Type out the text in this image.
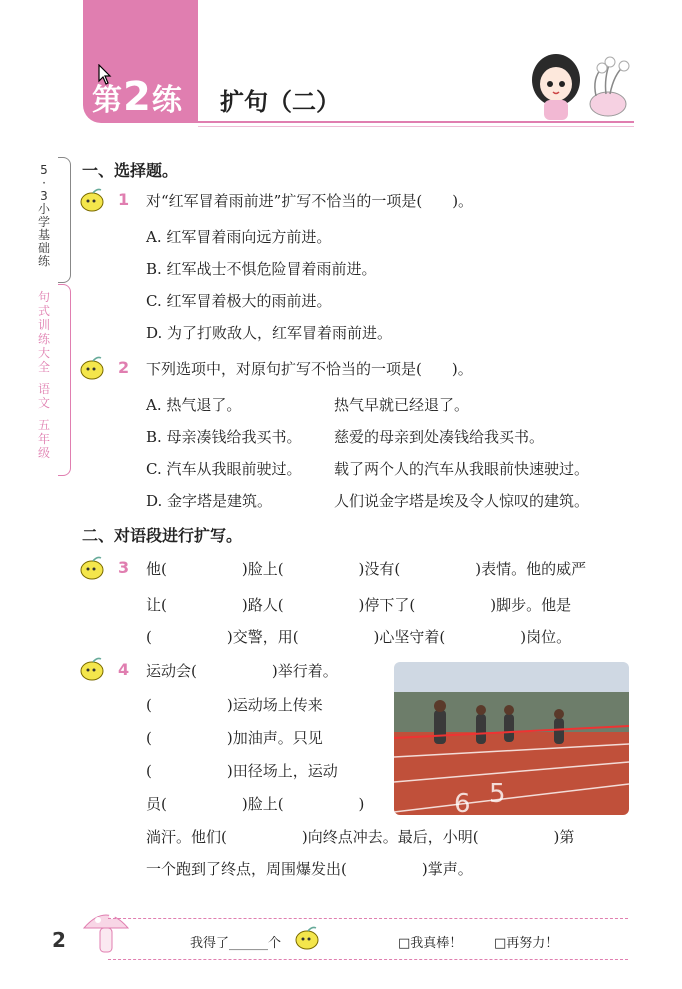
第2练 扩句（二）
5
·
3
小
学
基
础
练
句
式
训
练
大
全
语
文
五
年
级
一、选择题。
1 对“红军冒着雨前进”扩写不恰当的一项是(　　)。
A. 红军冒着雨向远方前进。
B. 红军战士不惧危险冒着雨前进。
C. 红军冒着极大的雨前进。
D. 为了打败敌人，红军冒着雨前进。
2 下列选项中，对原句扩写不恰当的一项是(　　)。
A. 热气退了。	热气早就已经退了。
B. 母亲凑钱给我买书。 慈爱的母亲到处凑钱给我买书。
C. 汽车从我眼前驶过。 载了两个人的汽车从我眼前快速驶过。
D. 金字塔是建筑。	人们说金字塔是埃及令人惊叹的建筑。
二、对语段进行扩写。
3 他(　　　　　)脸上(　　　　　)没有(　　　　　)表情。他的威严
让(　　　　　)路人(　　　　　)停下了(　　　　　)脚步。他是
(　　　　　)交警，用(　　　　　)心坚守着(　　　　　)岗位。
4 运动会(　　　　　)举行着。
(　　　　　)运动场上传来
(　　　　　)加油声。只见
(　　　　　)田径场上，运动
员(　　　　　)脸上(　　　　　)
淌汗。他们(　　　　　)向终点冲去。最后，小明(　　　　　)第
一个跑到了终点，周围爆发出(　　　　　)掌声。
5
6
2	我得了______个	□我真棒！ □再努力！
